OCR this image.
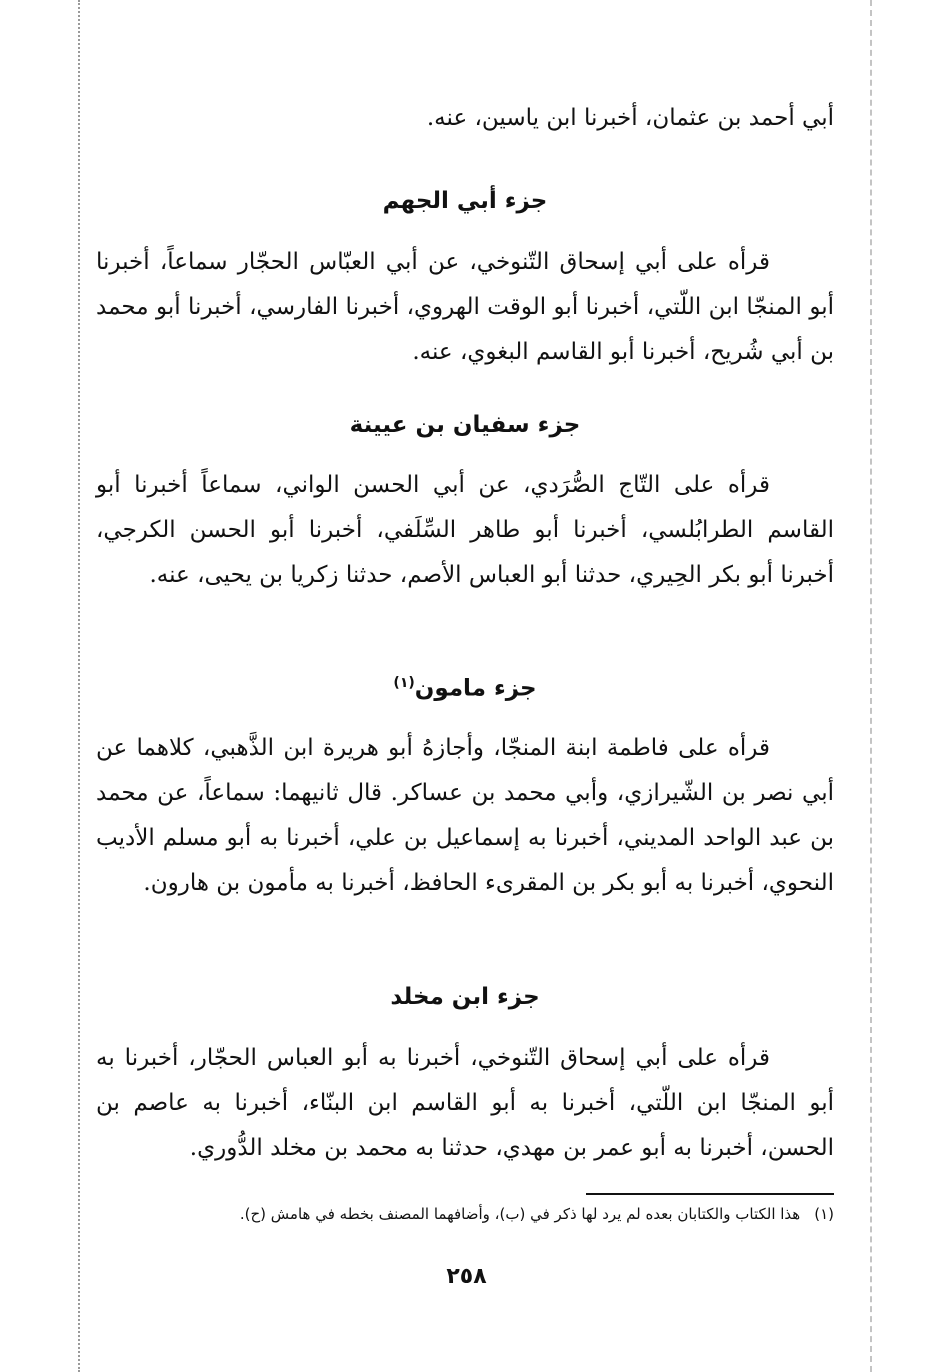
أبي أحمد بن عثمان، أخبرنا ابن ياسين، عنه.

جزء أبي الجهم

قرأه على أبي إسحاق التّنوخي، عن أبي العبّاس الحجّار سماعاً، أخبرنا أبو المنجّا ابن اللّتي، أخبرنا أبو الوقت الهروي، أخبرنا الفارسي، أخبرنا أبو محمد بن أبي شُريح، أخبرنا أبو القاسم البغوي، عنه.

جزء سفيان بن عيينة

قرأه على التّاج الصُّرَدي، عن أبي الحسن الواني، سماعاً أخبرنا أبو القاسم الطرابُلسي، أخبرنا أبو طاهر السِّلَفي، أخبرنا أبو الحسن الكرجي، أخبرنا أبو بكر الحِيري، حدثنا أبو العباس الأصم، حدثنا زكريا بن يحيى، عنه.

جزء مامون$^{(١)}$

قرأه على فاطمة ابنة المنجّا، وأجازهُ أبو هريرة ابن الذَّهبي، كلاهما عن أبي نصر بن الشّيرازي، وأبي محمد بن عساكر. قال ثانيهما: سماعاً، عن محمد بن عبد الواحد المديني، أخبرنا به إسماعيل بن علي، أخبرنا به أبو مسلم الأديب النحوي، أخبرنا به أبو بكر بن المقرىء الحافظ، أخبرنا به مأمون بن هارون.

جزء ابن مخلد

قرأه على أبي إسحاق التّنوخي، أخبرنا به أبو العباس الحجّار، أخبرنا به أبو المنجّا ابن اللّتي، أخبرنا به أبو القاسم ابن البنّاء، أخبرنا به عاصم بن الحسن، أخبرنا به أبو عمر بن مهدي، حدثنا به محمد بن مخلد الدُّوري.

(١)هذا الكتاب والكتابان بعده لم يرد لها ذكر في (ب)، وأضافهما المصنف بخطه في هامش (ح).

٢٥٨
